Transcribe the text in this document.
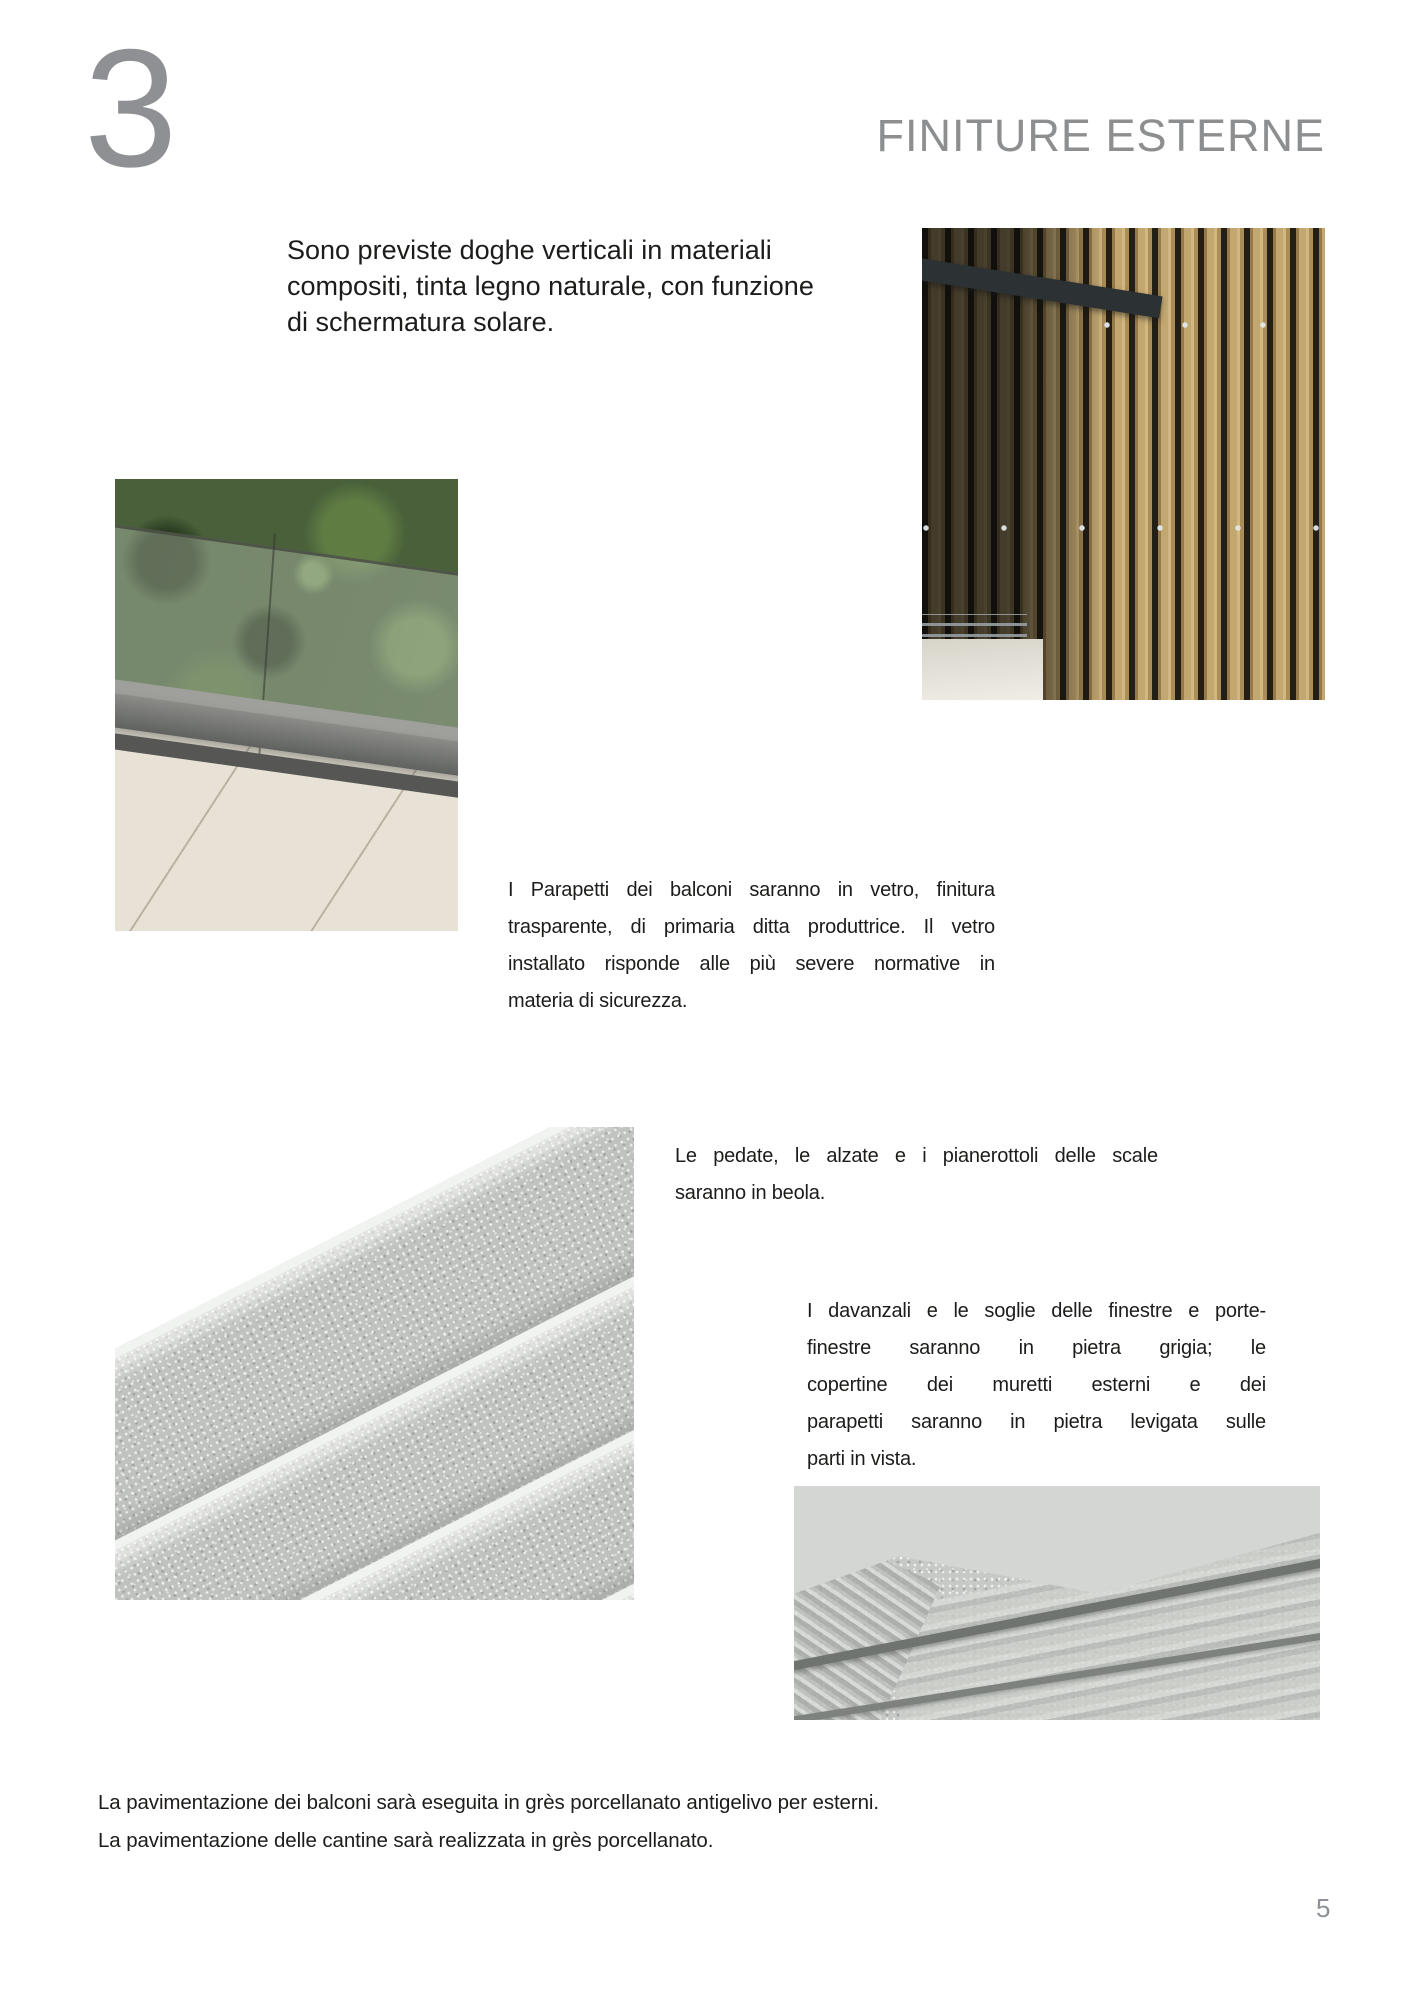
3	FINITURE ESTERNE
Sono previste doghe verticali in materiali
compositi, tinta legno naturale, con funzione
di schermatura solare.
I Parapetti dei balconi saranno in vetro, finitura
trasparente, di primaria ditta produttrice. Il vetro
installato risponde alle più severe normative in
materia di sicurezza.
Le pedate, le alzate e i pianerottoli delle scale
saranno in beola.
I davanzali e le soglie delle finestre e porte-
finestre saranno in pietra grigia; le
copertine dei muretti esterni e dei
parapetti saranno in pietra levigata sulle
parti in vista.
La pavimentazione dei balconi sarà eseguita in grès porcellanato antigelivo per esterni.
La pavimentazione delle cantine sarà realizzata in grès porcellanato.
5
